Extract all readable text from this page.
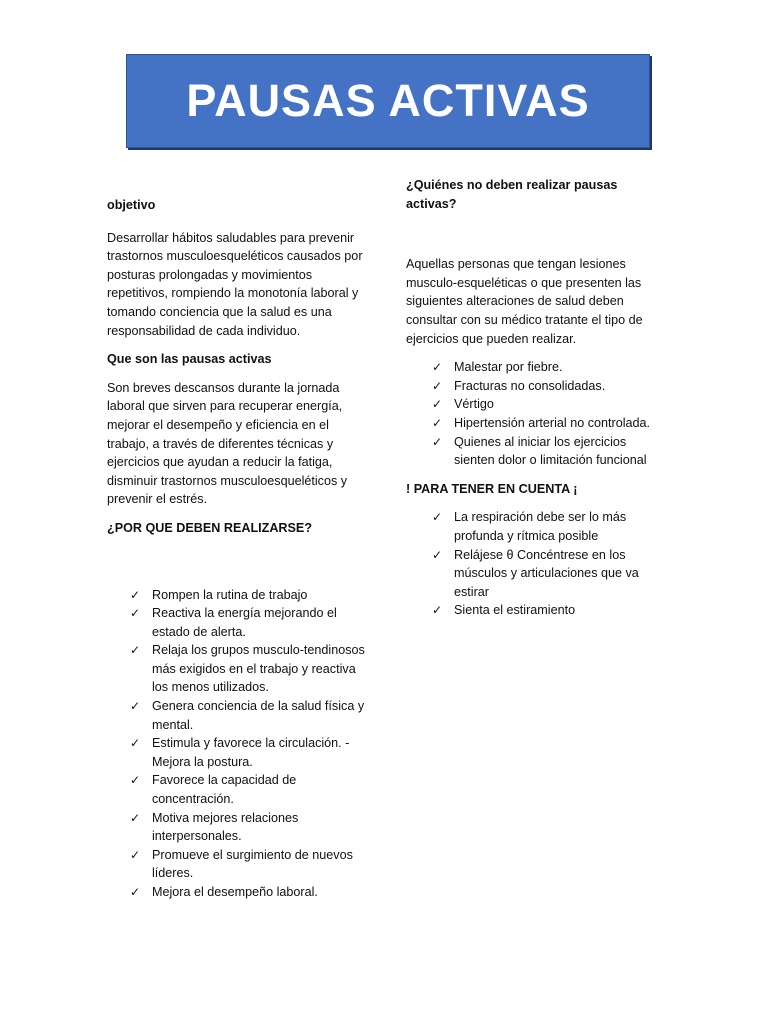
PAUSAS ACTIVAS

objetivo

Desarrollar hábitos saludables para prevenir trastornos musculoesqueléticos causados por posturas prolongadas y movimientos repetitivos, rompiendo la monotonía laboral y tomando conciencia que la salud es una responsabilidad de cada individuo.

Que son las pausas activas

Son breves descansos durante la jornada laboral que sirven para recuperar energía, mejorar el desempeño y eficiencia en el trabajo, a través de diferentes técnicas y ejercicios que ayudan a reducir la fatiga, disminuir trastornos musculoesqueléticos y prevenir el estrés.

¿POR QUE DEBEN REALIZARSE?

✓ Rompen la rutina de trabajo
✓ Reactiva la energía mejorando el estado de alerta.
✓ Relaja los grupos musculo-tendinosos más exigidos en el trabajo y reactiva los menos utilizados.
✓ Genera conciencia de la salud física y mental.
✓ Estimula y favorece la circulación. - Mejora la postura.
✓ Favorece la capacidad de concentración.
✓ Motiva mejores relaciones interpersonales.
✓ Promueve el surgimiento de nuevos líderes.
✓ Mejora el desempeño laboral.

¿Quiénes no deben realizar pausas activas?

Aquellas personas que tengan lesiones musculo-esqueléticas o que presenten las siguientes alteraciones de salud deben consultar con su médico tratante el tipo de ejercicios que pueden realizar.

✓ Malestar por fiebre.
✓ Fracturas no consolidadas.
✓ Vértigo
✓ Hipertensión arterial no controlada.
✓ Quienes al iniciar los ejercicios sienten dolor o limitación funcional

! PARA TENER EN CUENTA ¡

✓ La respiración debe ser lo más profunda y rítmica posible
✓ Relájese θ Concéntrese en los músculos y articulaciones que va estirar
✓ Sienta el estiramiento
